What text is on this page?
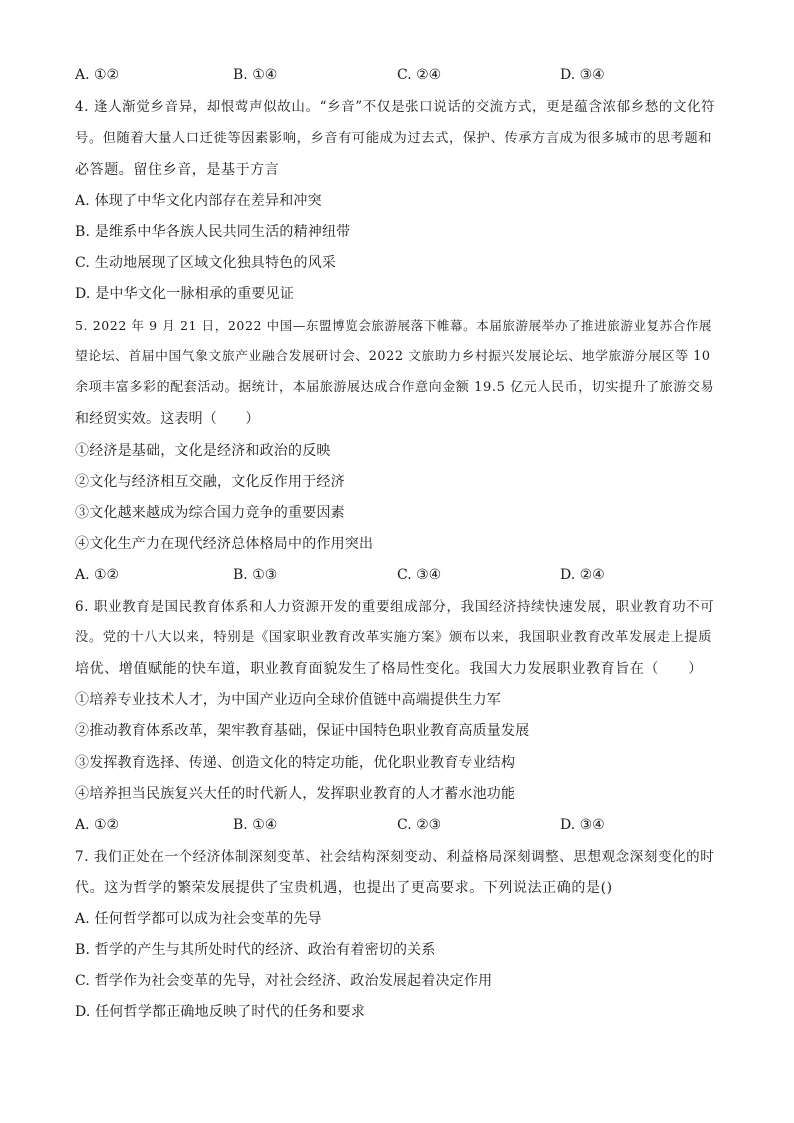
A. ①②	B. ①④	C. ②④	D. ③④
4. 逢人渐觉乡音异，却恨莺声似故山。“乡音”不仅是张口说话的交流方式，更是蕴含浓郁乡愁的文化符
号。但随着大量人口迁徙等因素影响，乡音有可能成为过去式，保护、传承方言成为很多城市的思考题和
必答题。留住乡音，是基于方言
A. 体现了中华文化内部存在差异和冲突
B. 是维系中华各族人民共同生活的精神纽带
C. 生动地展现了区域文化独具特色的风采
D. 是中华文化一脉相承的重要见证
5. 2022 年 9 月 21 日，2022 中国—东盟博览会旅游展落下帷幕。本届旅游展举办了推进旅游业复苏合作展
望论坛、首届中国气象文旅产业融合发展研讨会、2022 文旅助力乡村振兴发展论坛、地学旅游分展区等 10
余项丰富多彩的配套活动。据统计，本届旅游展达成合作意向金额 19.5 亿元人民币，切实提升了旅游交易
和经贸实效。这表明（　　）
①经济是基础，文化是经济和政治的反映
②文化与经济相互交融，文化反作用于经济
③文化越来越成为综合国力竞争的重要因素
④文化生产力在现代经济总体格局中的作用突出
A. ①②	B. ①③	C. ③④	D. ②④
6. 职业教育是国民教育体系和人力资源开发的重要组成部分，我国经济持续快速发展，职业教育功不可
没。党的十八大以来，特别是《国家职业教育改革实施方案》颁布以来，我国职业教育改革发展走上提质
培优、增值赋能的快车道，职业教育面貌发生了格局性变化。我国大力发展职业教育旨在（　　）
①培养专业技术人才，为中国产业迈向全球价值链中高端提供生力军
②推动教育体系改革，架牢教育基础，保证中国特色职业教育高质量发展
③发挥教育选择、传递、创造文化的特定功能，优化职业教育专业结构
④培养担当民族复兴大任的时代新人，发挥职业教育的人才蓄水池功能
A. ①②	B. ①④	C. ②③	D. ③④
7. 我们正处在一个经济体制深刻变革、社会结构深刻变动、利益格局深刻调整、思想观念深刻变化的时
代。这为哲学的繁荣发展提供了宝贵机遇，也提出了更高要求。下列说法正确的是()
A. 任何哲学都可以成为社会变革的先导
B. 哲学的产生与其所处时代的经济、政治有着密切的关系
C. 哲学作为社会变革的先导，对社会经济、政治发展起着决定作用
D. 任何哲学都正确地反映了时代的任务和要求
